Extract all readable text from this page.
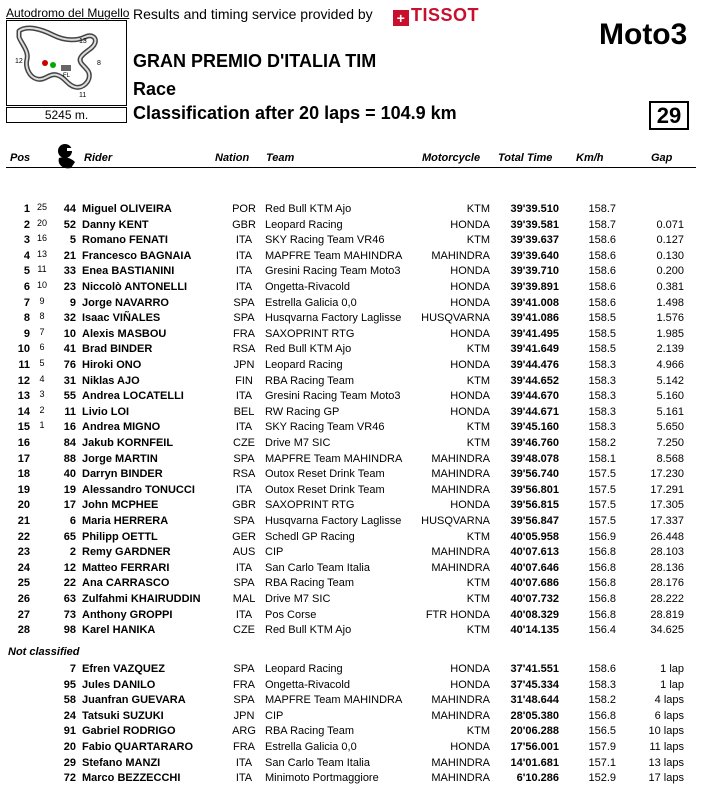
Autodromo del Mugello Results and timing service provided by + TISSOT
13
12	8
11
FL
5245 m.
Moto3
GRAN PREMIO D'ITALIA TIM
Race
Classification after 20 laps = 104.9 km	29
Pos	Rider	Nation Team	Motorcycle Total Time Km/h	Gap
1 25	44 Miguel OLIVEIRA	POR Red Bull KTM Ajo	KTM	39'39.510	158.7
2 20	52 Danny KENT	GBR Leopard Racing	HONDA	39'39.581	158.7	0.071
3 16	5 Romano FENATI	ITA	SKY Racing Team VR46	KTM	39'39.637	158.6	0.127
4 13	21 Francesco BAGNAIA	ITA	MAPFRE Team MAHINDRA	MAHINDRA	39'39.640	158.6	0.130
5 11	33 Enea BASTIANINI	ITA	Gresini Racing Team Moto3	HONDA	39'39.710	158.6	0.200
6 10	23 Niccolò ANTONELLI	ITA	Ongetta-Rivacold	HONDA	39'39.891	158.6	0.381
7	9	9 Jorge NAVARRO	SPA Estrella Galicia 0,0	HONDA	39'41.008	158.6	1.498
8	8	32 Isaac VIÑALES	SPA Husqvarna Factory Laglisse	HUSQVARNA	39'41.086	158.5	1.576
9	7	10 Alexis MASBOU	FRA SAXOPRINT RTG	HONDA	39'41.495	158.5	1.985
10	6	41 Brad BINDER	RSA Red Bull KTM Ajo	KTM	39'41.649	158.5	2.139
11	5	76 Hiroki ONO	JPN Leopard Racing	HONDA	39'44.476	158.3	4.966
12	4	31 Niklas AJO	FIN	RBA Racing Team	KTM	39'44.652	158.3	5.142
13	3	55 Andrea LOCATELLI	ITA	Gresini Racing Team Moto3	HONDA	39'44.670	158.3	5.160
14	2	11 Livio LOI	BEL RW Racing GP	HONDA	39'44.671	158.3	5.161
15	1	16 Andrea MIGNO	ITA	SKY Racing Team VR46	KTM	39'45.160	158.3	5.650
16	84 Jakub KORNFEIL	CZE Drive M7 SIC	KTM	39'46.760	158.2	7.250
17	88 Jorge MARTIN	SPA MAPFRE Team MAHINDRA	MAHINDRA	39'48.078	158.1	8.568
18	40 Darryn BINDER	RSA Outox Reset Drink Team	MAHINDRA	39'56.740	157.5	17.230
19	19 Alessandro TONUCCI	ITA	Outox Reset Drink Team	MAHINDRA	39'56.801	157.5	17.291
20	17 John MCPHEE	GBR SAXOPRINT RTG	HONDA	39'56.815	157.5	17.305
21	6 Maria HERRERA	SPA Husqvarna Factory Laglisse	HUSQVARNA	39'56.847	157.5	17.337
22	65 Philipp OETTL	GER Schedl GP Racing	KTM	40'05.958	156.9	26.448
23	2 Remy GARDNER	AUS CIP	MAHINDRA	40'07.613	156.8	28.103
24	12 Matteo FERRARI	ITA	San Carlo Team Italia	MAHINDRA	40'07.646	156.8	28.136
25	22 Ana CARRASCO	SPA RBA Racing Team	KTM	40'07.686	156.8	28.176
26	63 Zulfahmi KHAIRUDDIN	MAL Drive M7 SIC	KTM	40'07.732	156.8	28.222
27	73 Anthony GROPPI	ITA	Pos Corse	FTR HONDA	40'08.329	156.8	28.819
28	98 Karel HANIKA	CZE Red Bull KTM Ajo	KTM	40'14.135	156.4	34.625
Not classified
7 Efren VAZQUEZ	SPA Leopard Racing	HONDA	37'41.551	158.6	1 lap
95 Jules DANILO	FRA Ongetta-Rivacold	HONDA	37'45.334	158.3	1 lap
58 Juanfran GUEVARA	SPA MAPFRE Team MAHINDRA	MAHINDRA	31'48.644	158.2	4 laps
24 Tatsuki SUZUKI	JPN CIP	MAHINDRA	28'05.380	156.8	6 laps
91 Gabriel RODRIGO	ARG RBA Racing Team	KTM	20'06.288	156.5	10 laps
20 Fabio QUARTARARO	FRA Estrella Galicia 0,0	HONDA	17'56.001	157.9	11 laps
29 Stefano MANZI	ITA	San Carlo Team Italia	MAHINDRA	14'01.681	157.1	13 laps
72 Marco BEZZECCHI	ITA	Minimoto Portmaggiore	MAHINDRA	6'10.286	152.9	17 laps
